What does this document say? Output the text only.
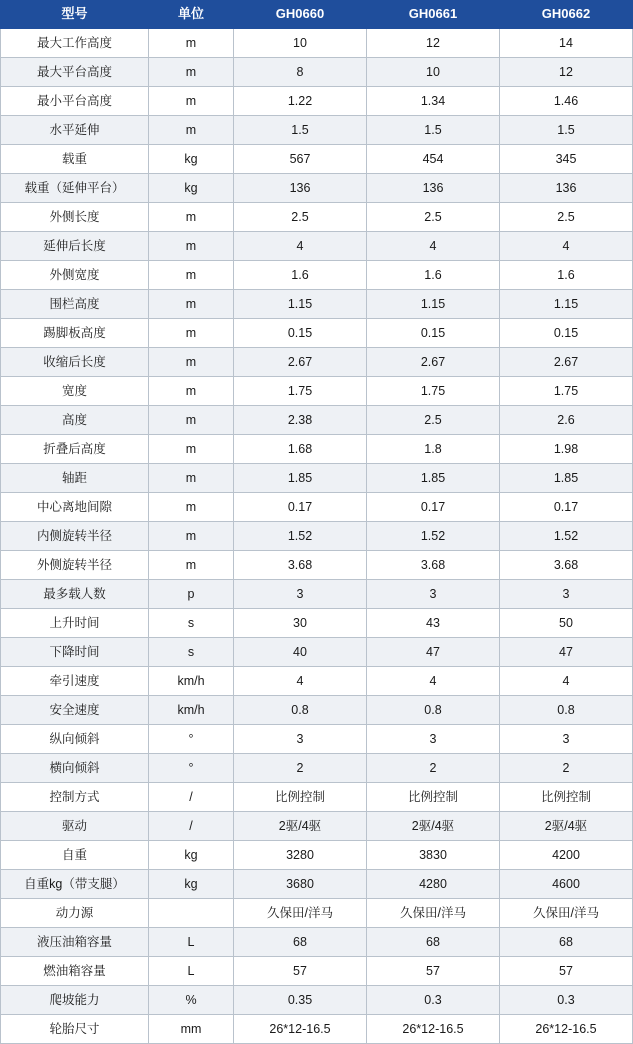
型号	单位	GH0660	GH0661	GH0662
最大工作高度	m	10	12	14
最大平台高度	m	8	10	12
最小平台高度	m	1.22	1.34	1.46
水平延伸	m	1.5	1.5	1.5
载重	kg	567	454	345
载重（延伸平台）	kg	136	136	136
外侧长度	m	2.5	2.5	2.5
延伸后长度	m	4	4	4
外侧宽度	m	1.6	1.6	1.6
围栏高度	m	1.15	1.15	1.15
踢脚板高度	m	0.15	0.15	0.15
收缩后长度	m	2.67	2.67	2.67
宽度	m	1.75	1.75	1.75
高度	m	2.38	2.5	2.6
折叠后高度	m	1.68	1.8	1.98
轴距	m	1.85	1.85	1.85
中心离地间隙	m	0.17	0.17	0.17
内侧旋转半径	m	1.52	1.52	1.52
外侧旋转半径	m	3.68	3.68	3.68
最多载人数	p	3	3	3
上升时间	s	30	43	50
下降时间	s	40	47	47
牵引速度	km/h	4	4	4
安全速度	km/h	0.8	0.8	0.8
纵向倾斜	°	3	3	3
横向倾斜	°	2	2	2
控制方式	/	比例控制	比例控制	比例控制
驱动	/	2驱/4驱	2驱/4驱	2驱/4驱
自重	kg	3280	3830	4200
自重kg（带支腿）	kg	3680	4280	4600
动力源		久保田/洋马	久保田/洋马	久保田/洋马
液压油箱容量	L	68	68	68
燃油箱容量	L	57	57	57
爬坡能力	%	0.35	0.3	0.3
轮胎尺寸	mm	26*12-16.5	26*12-16.5	26*12-16.5
